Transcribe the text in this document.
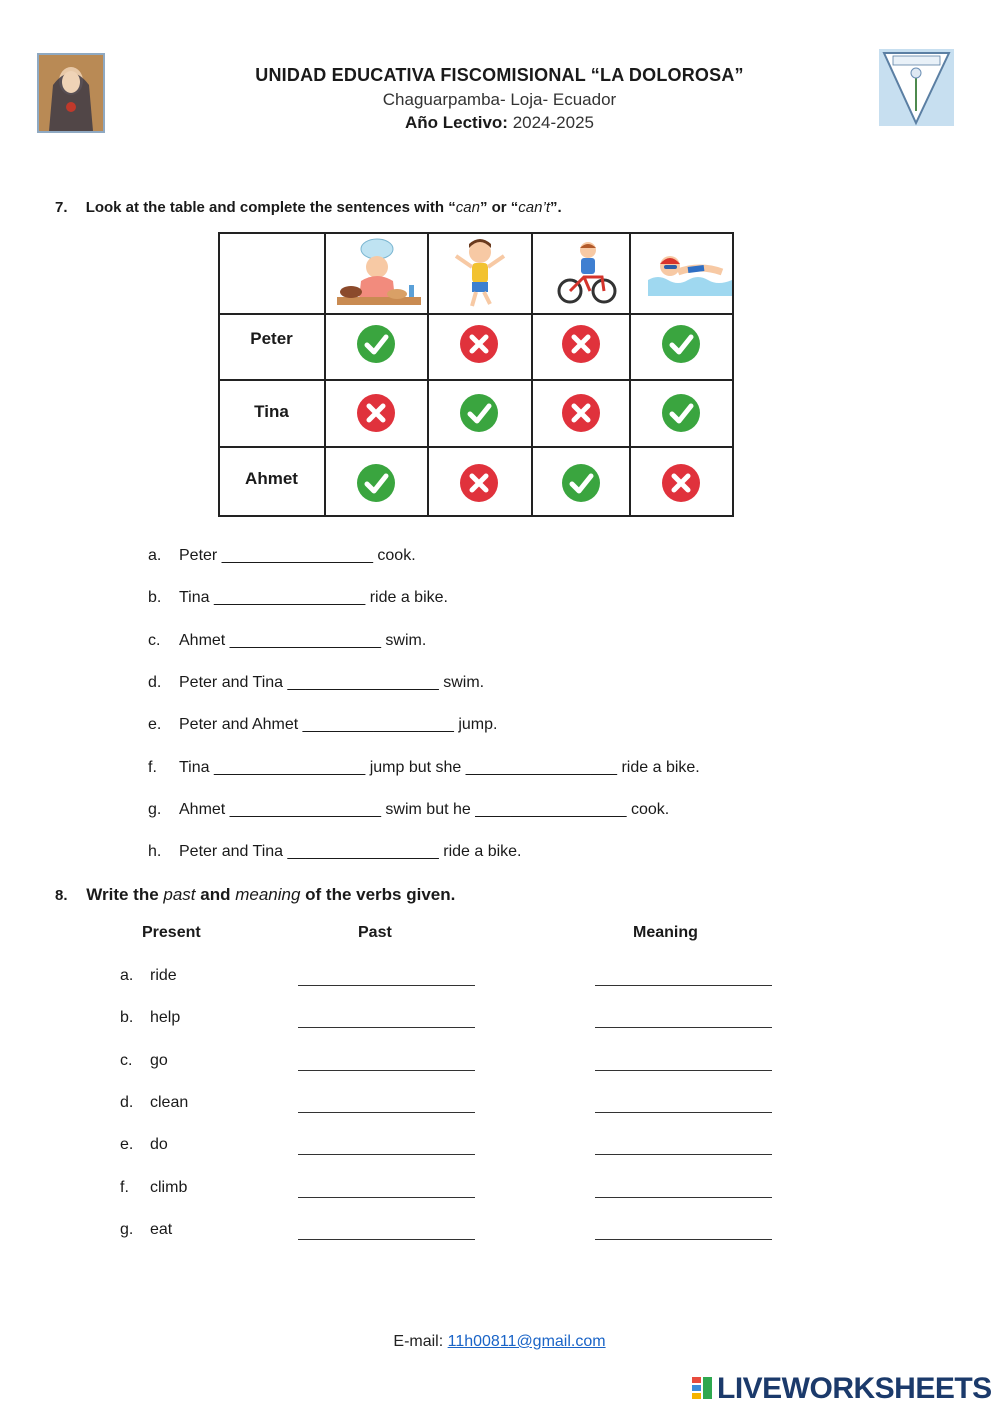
UNIDAD EDUCATIVA FISCOMISIONAL “LA DOLOROSA”
Chaguarpamba- Loja- Ecuador
Año Lectivo: 2024-2025
7. Look at the table and complete the sentences with “can” or “can’t”.
Peter
Tina
Ahmet
a. Peter _________________ cook.
b. Tina _________________ ride a bike.
c. Ahmet _________________ swim.
d. Peter and Tina _________________ swim.
e. Peter and Ahmet _________________ jump.
f. Tina _________________ jump but she _________________ ride a bike.
g. Ahmet _________________ swim but he _________________ cook.
h. Peter and Tina _________________ ride a bike.
8. Write the past and meaning of the verbs given.
Present	Past	Meaning
a. ride
b. help
c. go
d. clean
e. do
f. climb
g. eat
E-mail: 11h00811@gmail.com
LIVEWORKSHEETS
